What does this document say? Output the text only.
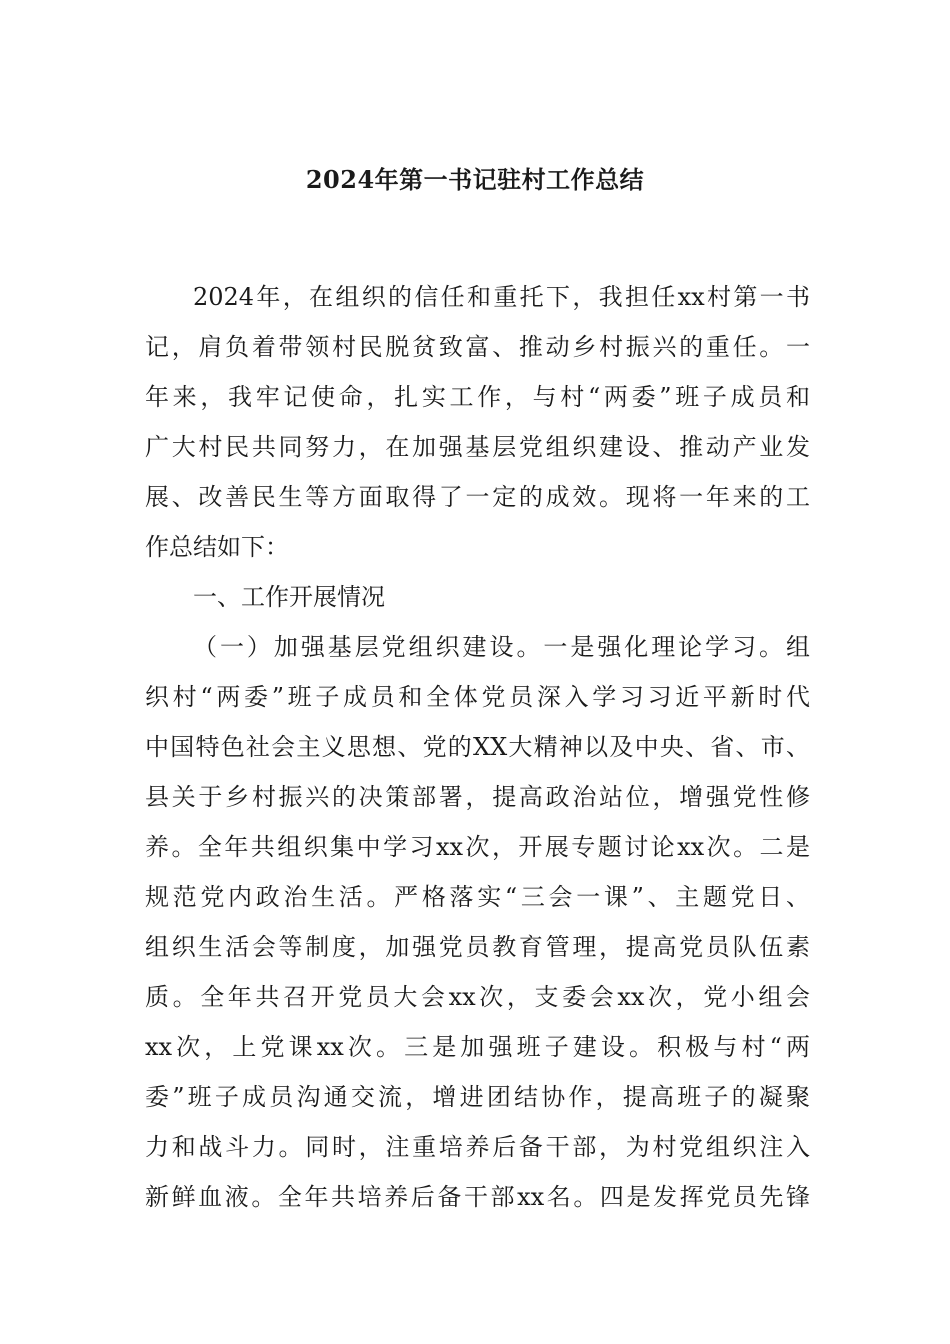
2024年第一书记驻村工作总结
2024年，在组织的信任和重托下，我担任xx村第一书
记，肩负着带领村民脱贫致富、推动乡村振兴的重任。一
年来，我牢记使命，扎实工作，与村“两委”班子成员和
广大村民共同努力，在加强基层党组织建设、推动产业发
展、改善民生等方面取得了一定的成效。现将一年来的工
作总结如下：
一、工作开展情况
（一）加强基层党组织建设。一是强化理论学习。组
织村“两委”班子成员和全体党员深入学习习近平新时代
中国特色社会主义思想、党的XX大精神以及中央、省、市、
县关于乡村振兴的决策部署，提高政治站位，增强党性修
养。全年共组织集中学习xx次，开展专题讨论xx次。二是
规范党内政治生活。严格落实“三会一课”、主题党日、
组织生活会等制度，加强党员教育管理，提高党员队伍素
质。全年共召开党员大会xx次，支委会xx次，党小组会
xx次，上党课xx次。三是加强班子建设。积极与村“两
委”班子成员沟通交流，增进团结协作，提高班子的凝聚
力和战斗力。同时，注重培养后备干部，为村党组织注入
新鲜血液。全年共培养后备干部xx名。四是发挥党员先锋
